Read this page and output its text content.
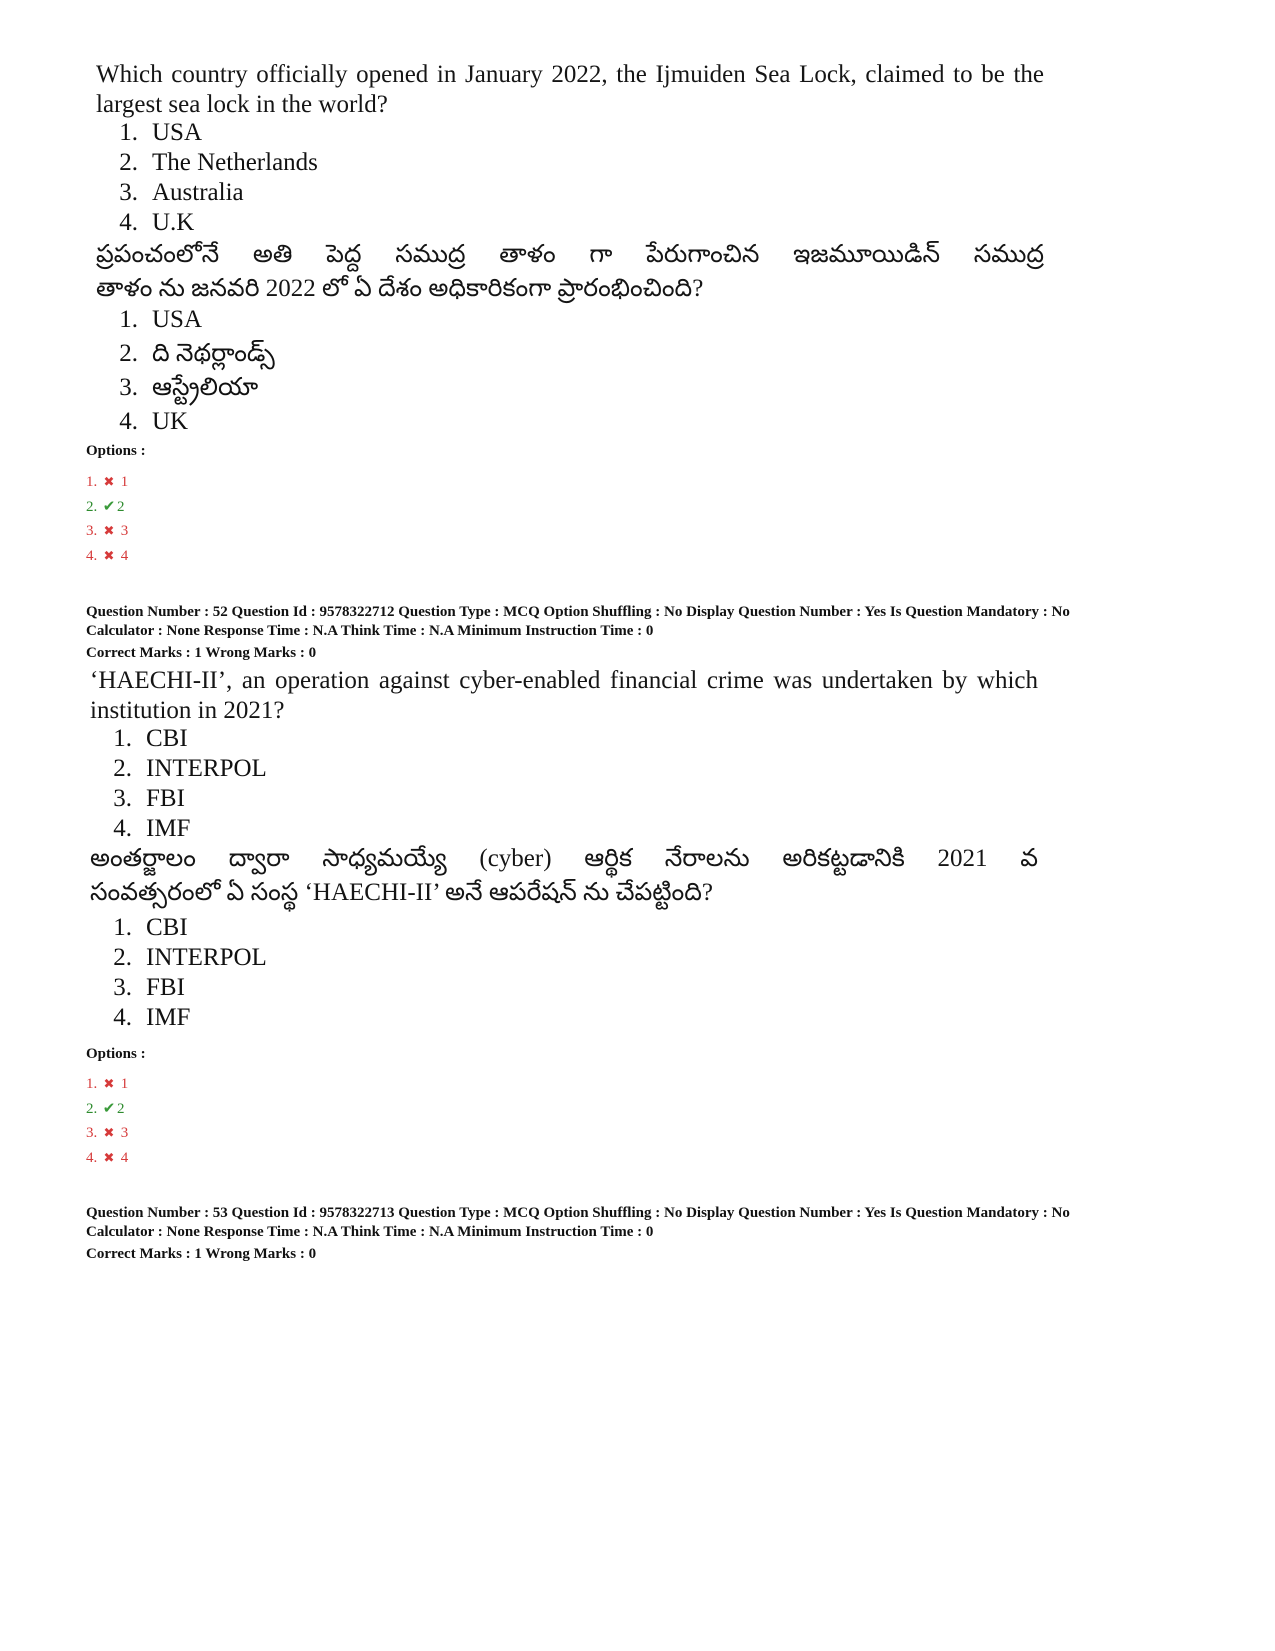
Which country officially opened in January 2022, the Ijmuiden Sea Lock, claimed to be the
largest sea lock in the world?
1. USA
2. The Netherlands
3. Australia
4. U.K
ప్రపంచంలోనే అతి పెద్ద సముద్ర తాళం గా పేరుగాంచిన ఇజమూయిడిన్ సముద్ర
తాళం ను జనవరి 2022 లో ఏ దేశం అధికారికంగా ప్రారంభించింది?
1. USA
2. ది నెథర్లాండ్స్
3. ఆస్ట్రేలియా
4. UK
Options :
1. ✖ 1
2. ✔ 2
3. ✖ 3
4. ✖ 4
Question Number : 52 Question Id : 9578322712 Question Type : MCQ Option Shuffling : No Display Question Number : Yes Is Question Mandatory : No
Calculator : None Response Time : N.A Think Time : N.A Minimum Instruction Time : 0
Correct Marks : 1 Wrong Marks : 0
‘HAECHI-II’, an operation against cyber-enabled financial crime was undertaken by which
institution in 2021?
1. CBI
2. INTERPOL
3. FBI
4. IMF
అంతర్జాలం ద్వారా సాధ్యమయ్యే (cyber) ఆర్థిక నేరాలను అరికట్టడానికి 2021 వ
సంవత్సరంలో ఏ సంస్థ ‘HAECHI-II’ అనే ఆపరేషన్ ను చేపట్టింది?
1. CBI
2. INTERPOL
3. FBI
4. IMF
Options :
1. ✖ 1
2. ✔ 2
3. ✖ 3
4. ✖ 4
Question Number : 53 Question Id : 9578322713 Question Type : MCQ Option Shuffling : No Display Question Number : Yes Is Question Mandatory : No
Calculator : None Response Time : N.A Think Time : N.A Minimum Instruction Time : 0
Correct Marks : 1 Wrong Marks : 0
